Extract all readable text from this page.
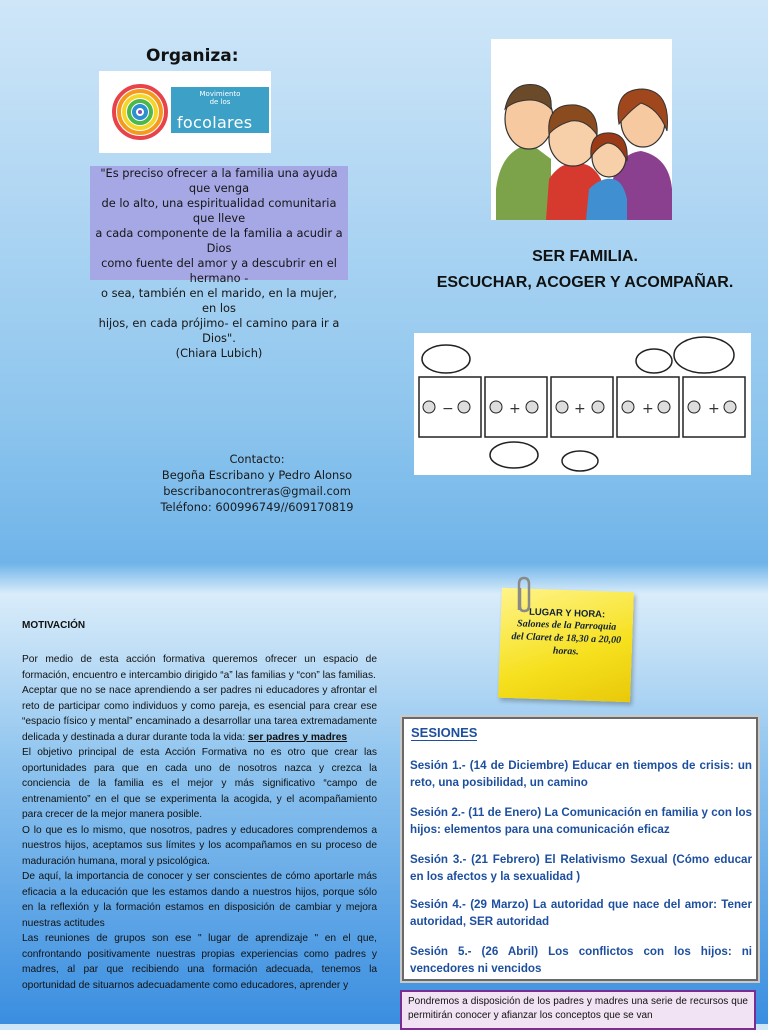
Organiza:
Movimiento de los
focolares
"Es preciso ofrecer a la familia una ayuda que venga
de lo alto, una espiritualidad comunitaria que lleve
a cada componente de la familia a acudir a Dios
como fuente del amor y a descubrir en el hermano -
o sea, también en el marido, en la mujer, en los
hijos, en cada prójimo- el camino para ir a Dios".
(Chiara Lubich)
SER FAMILIA.
ESCUCHAR, ACOGER Y ACOMPAÑAR.
−	+	+	+	+
Contacto:
Begoña Escribano y Pedro Alonso
bescribanocontreras@gmail.com
Teléfono: 600996749//609170819
MOTIVACIÓN

Por medio de esta acción formativa queremos ofrecer un espacio de formación, encuentro e intercambio dirigido “a” las familias y “con” las familias.

Aceptar que no se nace aprendiendo a ser padres ni educadores y afrontar el reto de participar como individuos y como pareja, es esencial para crear ese “espacio físico y mental” encaminado a desarrollar una tarea extremadamente delicada y destinada a durar durante toda la vida: ser padres y madres

El objetivo principal de esta Acción Formativa no es otro que crear las oportunidades para que en cada uno de nosotros nazca y crezca la conciencia de la familia es el mejor y más significativo “campo de entrenamiento” en el que se experimenta la acogida, y el acompañamiento para crecer de la mejor manera posible.

O lo que es lo mismo, que nosotros, padres y educadores comprendemos a nuestros hijos, aceptamos sus límites y los acompañamos en su proceso de maduración humana, moral y psicológica.

De aquí, la importancia de conocer y ser conscientes de cómo aportarle más eficacia a la educación que les estamos dando a nuestros hijos, porque sólo en la reflexión y la formación estamos en disposición de cambiar y mejora nuestras actitudes

Las reuniones de grupos son ese " lugar de aprendizaje " en el que, confrontando positivamente nuestras propias experiencias como padres y madres, al par que recibiendo una formación adecuada, tenemos la oportunidad de situarnos adecuadamente como educadores, aprender y

LUGAR Y HORA:
Salones de la Parroquia del Claret de 18,30 a 20,00 horas.
SESIONES
Sesión 1.- (14 de Diciembre) Educar en tiempos de crisis: un reto, una posibilidad, un camino
Sesión 2.- (11 de Enero) La Comunicación en familia y con los hijos: elementos para una comunicación eficaz
Sesión 3.- (21 Febrero) El Relativismo Sexual (Cómo educar en los afectos y la sexualidad )
Sesión 4.- (29 Marzo) La autoridad que nace del amor: Tener autoridad, SER autoridad
Sesión 5.- (26 Abril) Los conflictos con los hijos: ni vencedores ni vencidos
Pondremos a disposición de los padres y madres una serie de recursos que permitirán conocer y afianzar los conceptos que se van
